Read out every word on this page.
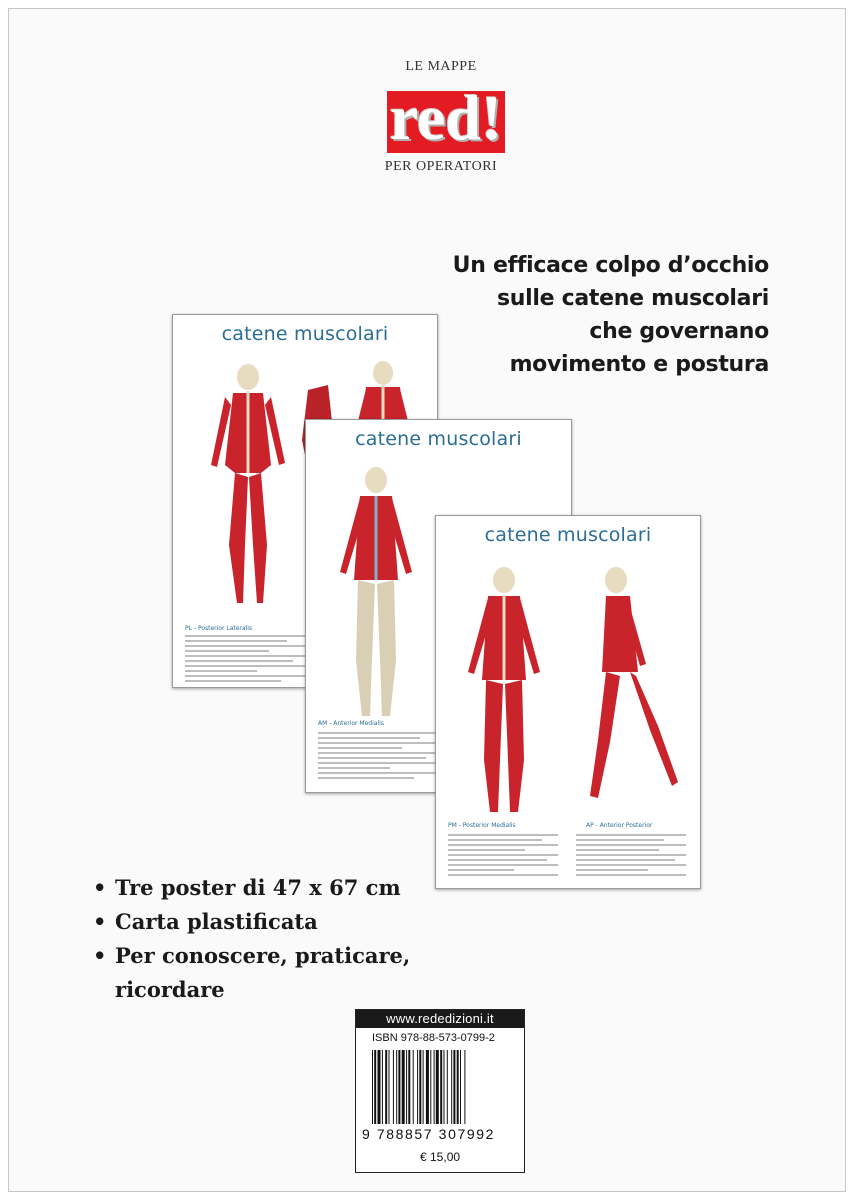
LE MAPPE
red!
PER OPERATORI
Un efficace colpo d’occhio
sulle catene muscolari
che governano
movimento e postura
catene muscolari
PL - Posterior Lateralis
catene muscolari
AM - Anterior Medialis
catene muscolari
PM - Posterior Medialis	AP - Anterior Posterior
• Tre poster di 47 x 67 cm
• Carta plastificata
• Per conoscere, praticare,
ricordare
www.rededizioni.it
ISBN 978-88-573-0799-2
9 788857 307992
€ 15,00
